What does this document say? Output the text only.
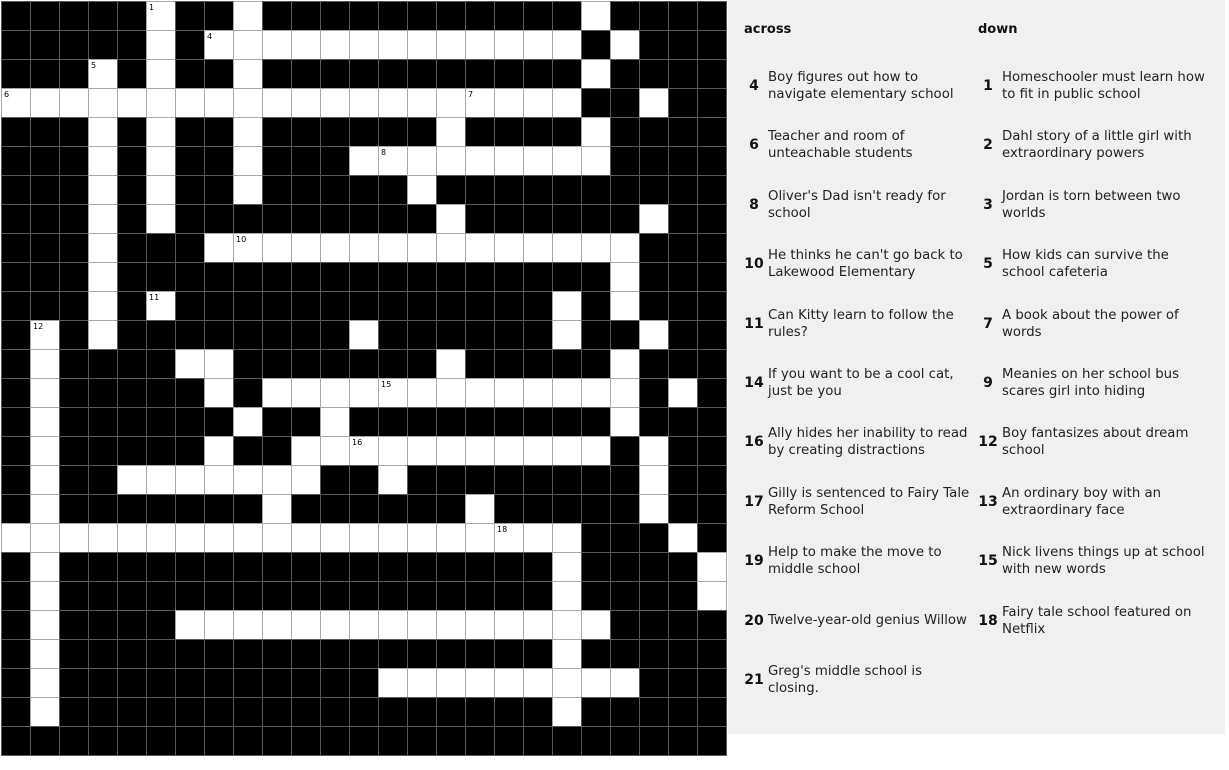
1
4
5
6	7
8
10
11
12
15
16
18
across	down
4
Boy figures out how to navigate elementary school
6
Teacher and room of unteachable students
8
Oliver's Dad isn't ready for school
10
He thinks he can't go back to Lakewood Elementary
11
Can Kitty learn to follow the rules?
14
If you want to be a cool cat, just be you
16
Ally hides her inability to read by creating distractions
17
Gilly is sentenced to Fairy Tale Reform School
19
Help to make the move to middle school
20 Twelve-year-old genius Willow
21
Greg's middle school is closing.
1
Homeschooler must learn how to fit in public school
2
Dahl story of a little girl with extraordinary powers
3
Jordan is torn between two worlds
5
How kids can survive the school cafeteria
7
A book about the power of words
9
Meanies on her school bus scares girl into hiding
12
Boy fantasizes about dream school
13
An ordinary boy with an extraordinary face
15
Nick livens things up at school with new words
18
Fairy tale school featured on Netflix
